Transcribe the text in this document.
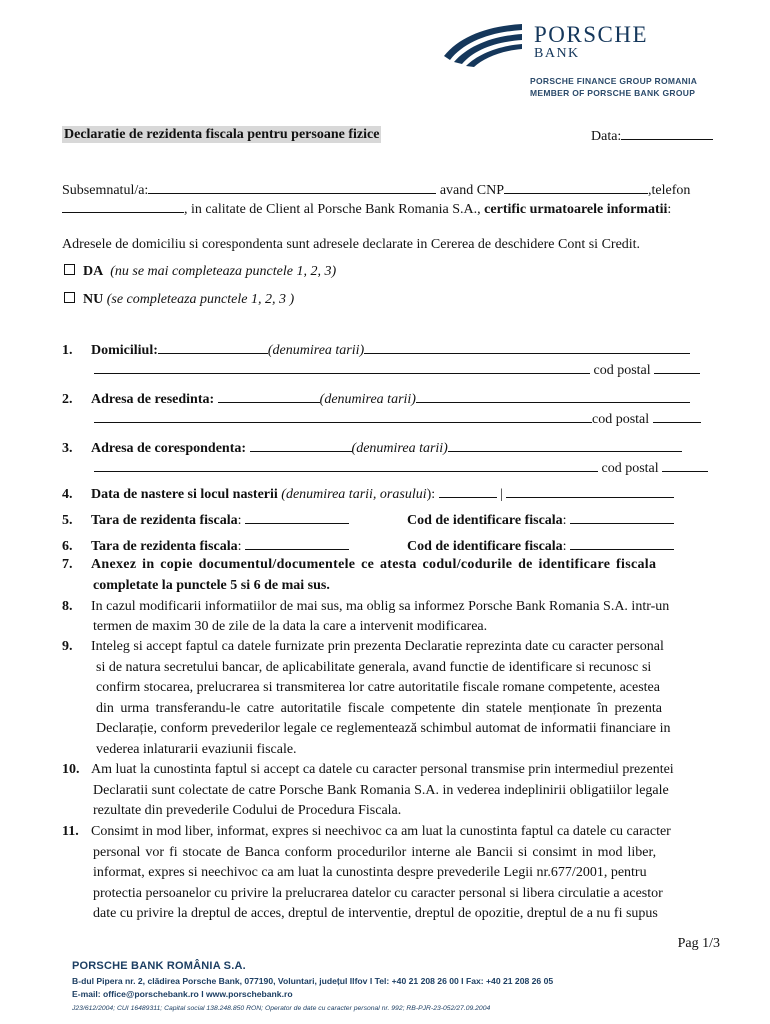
PORSCHE
BANK
PORSCHE FINANCE GROUP ROMANIA
MEMBER OF PORSCHE BANK GROUP
Declaratie de rezidenta fiscala pentru persoane fizice	Data:
Subsemnatul/a:	avand CNP	,telefon
, in calitate de Client al Porsche Bank Romania S.A., certific urmatoarele informatii:
Adresele de domiciliu si corespondenta sunt adresele declarate in Cererea de deschidere Cont si Credit.
DA (nu se mai completeaza punctele 1, 2, 3)
NU (se completeaza punctele 1, 2, 3 )
1. Domiciliul:	(denumirea tarii)
cod postal
2. Adresa de resedinta:	(denumirea tarii)
cod postal
3. Adresa de corespondenta:	(denumirea tarii)
cod postal
4. Data de nastere si locul nasterii (denumirea tarii, orasului):	|
5. Tara de rezidenta fiscala:	Cod de identificare fiscala:
6. Tara de rezidenta fiscala:	Cod de identificare fiscala:
7. Anexez in copie documentul/documentele ce atesta codul/codurile de identificare fiscala
completate la punctele 5 si 6 de mai sus.
8. In cazul modificarii informatiilor de mai sus, ma oblig sa informez Porsche Bank Romania S.A. intr-un
termen de maxim 30 de zile de la data la care a intervenit modificarea.
9. Inteleg si accept faptul ca datele furnizate prin prezenta Declaratie reprezinta date cu caracter personal
si de natura secretului bancar, de aplicabilitate generala, avand functie de identificare si recunosc si
confirm stocarea, prelucrarea si transmiterea lor catre autoritatile fiscale romane competente, acestea
din urma transferandu-le catre autoritatile fiscale competente din statele menționate în prezenta
Declarație, conform prevederilor legale ce reglementează schimbul automat de informatii financiare in
vederea inlaturarii evaziunii fiscale.
10. Am luat la cunostinta faptul si accept ca datele cu caracter personal transmise prin intermediul prezentei
Declaratii sunt colectate de catre Porsche Bank Romania S.A. in vederea indeplinirii obligatiilor legale
rezultate din prevederile Codului de Procedura Fiscala.
11. Consimt in mod liber, informat, expres si neechivoc ca am luat la cunostinta faptul ca datele cu caracter
personal vor fi stocate de Banca conform procedurilor interne ale Bancii si consimt in mod liber,
informat, expres si neechivoc ca am luat la cunostinta despre prevederile Legii nr.677/2001, pentru
protectia persoanelor cu privire la prelucrarea datelor cu caracter personal si libera circulatie a acestor
date cu privire la dreptul de acces, dreptul de interventie, dreptul de opozitie, dreptul de a nu fi supus
Pag 1/3
PORSCHE BANK ROMÂNIA S.A.
B-dul Pipera nr. 2, clădirea Porsche Bank, 077190, Voluntari, județul Ilfov I Tel: +40 21 208 26 00 I Fax: +40 21 208 26 05
E-mail: office@porschebank.ro I www.porschebank.ro
J23/612/2004; CUI 16489311; Capital social 138.248.850 RON; Operator de date cu caracter personal nr. 992; RB-PJR-23-052/27.09.2004
